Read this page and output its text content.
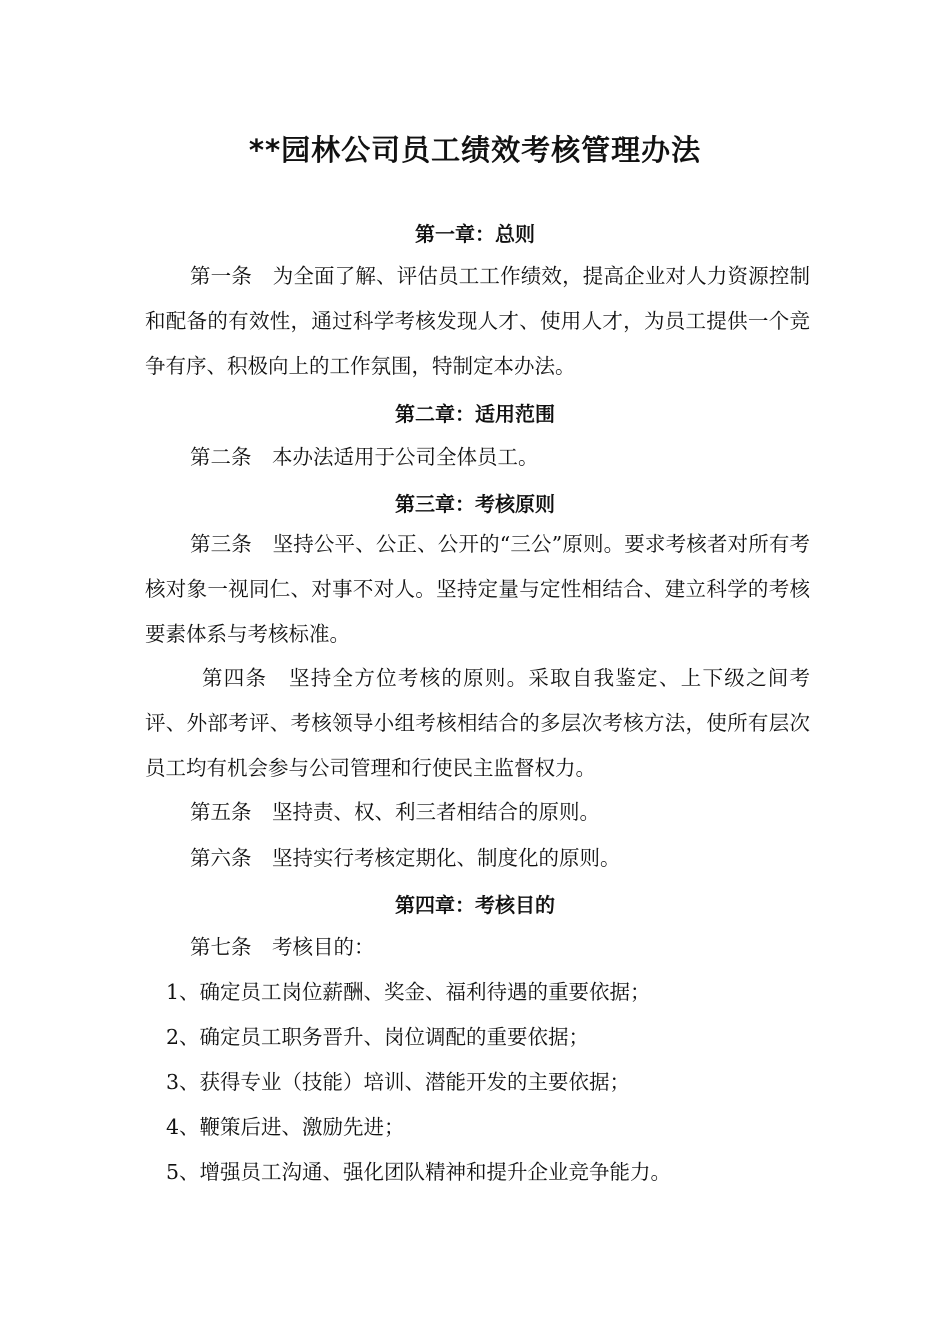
**园林公司员工绩效考核管理办法
第一章：总则
第一条　为全面了解、评估员工工作绩效，提高企业对人力资源控制和配备的有效性，通过科学考核发现人才、使用人才，为员工提供一个竞争有序、积极向上的工作氛围，特制定本办法。
第二章：适用范围
第二条　本办法适用于公司全体员工。
第三章：考核原则
第三条　坚持公平、公正、公开的“三公”原则。要求考核者对所有考核对象一视同仁、对事不对人。坚持定量与定性相结合、建立科学的考核要素体系与考核标准。
第四条　坚持全方位考核的原则。采取自我鉴定、上下级之间考评、外部考评、考核领导小组考核相结合的多层次考核方法，使所有层次员工均有机会参与公司管理和行使民主监督权力。
第五条　坚持责、权、利三者相结合的原则。
第六条　坚持实行考核定期化、制度化的原则。
第四章：考核目的
第七条　考核目的：
1、确定员工岗位薪酬、奖金、福利待遇的重要依据；
2、确定员工职务晋升、岗位调配的重要依据；
3、获得专业（技能）培训、潜能开发的主要依据；
4、鞭策后进、激励先进；
5、增强员工沟通、强化团队精神和提升企业竞争能力。
